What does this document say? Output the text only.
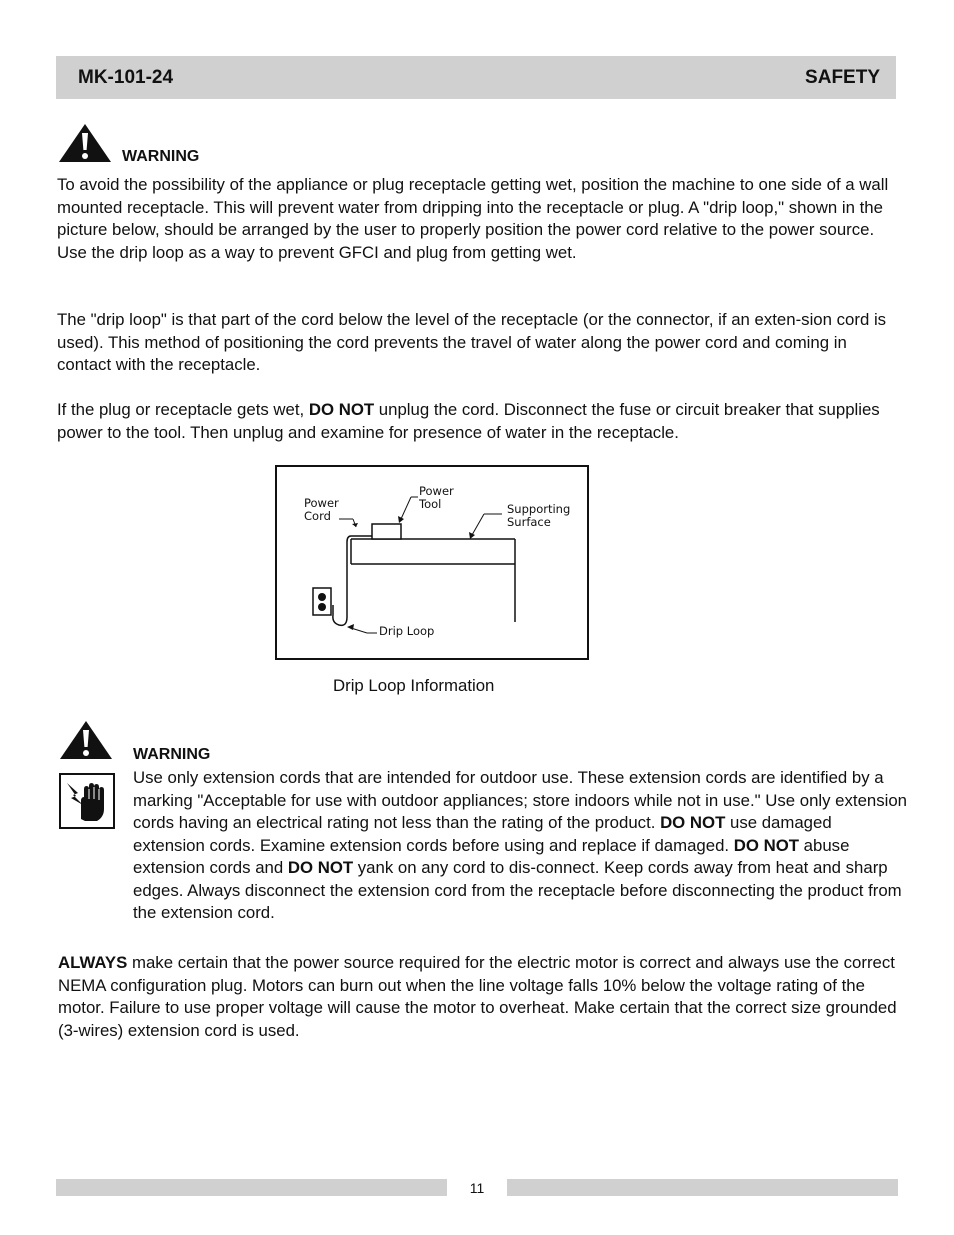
MK-101-24	SAFETY
WARNING

To avoid the possibility of the appliance or plug receptacle getting wet, position the machine to one side of a wall mounted receptacle. This will prevent water from dripping into the receptacle or plug. A "drip loop," shown in the picture below, should be arranged by the user to properly position the power cord relative to the power source. Use the drip loop as a way to prevent GFCI and plug from getting wet.

The "drip loop" is that part of the cord below the level of the receptacle (or the connector, if an exten-sion cord is used). This method of positioning the cord prevents the travel of water along the power cord and coming in contact with the receptacle.

If the plug or receptacle gets wet, DO NOT unplug the cord. Disconnect the fuse or circuit breaker that supplies power to the tool. Then unplug and examine for presence of water in the receptacle.

Power
Cord
Power
Tool	Supporting
Surface
Drip Loop
Drip Loop Information
WARNING

Use only extension cords that are intended for outdoor use. These extension cords are identified by a marking "Acceptable for use with outdoor appliances; store indoors while not in use." Use only extension cords having an electrical rating not less than the rating of the product. DO NOT use damaged extension cords. Examine extension cords before using and replace if damaged. DO NOT abuse extension cords and DO NOT yank on any cord to dis-connect. Keep cords away from heat and sharp edges. Always disconnect the extension cord from the receptacle before disconnecting the product from the extension cord.

ALWAYS make certain that the power source required for the electric motor is correct and always use the correct NEMA configuration plug. Motors can burn out when the line voltage falls 10% below the voltage rating of the motor. Failure to use proper voltage will cause the motor to overheat. Make certain that the correct size grounded (3-wires) extension cord is used.

11
